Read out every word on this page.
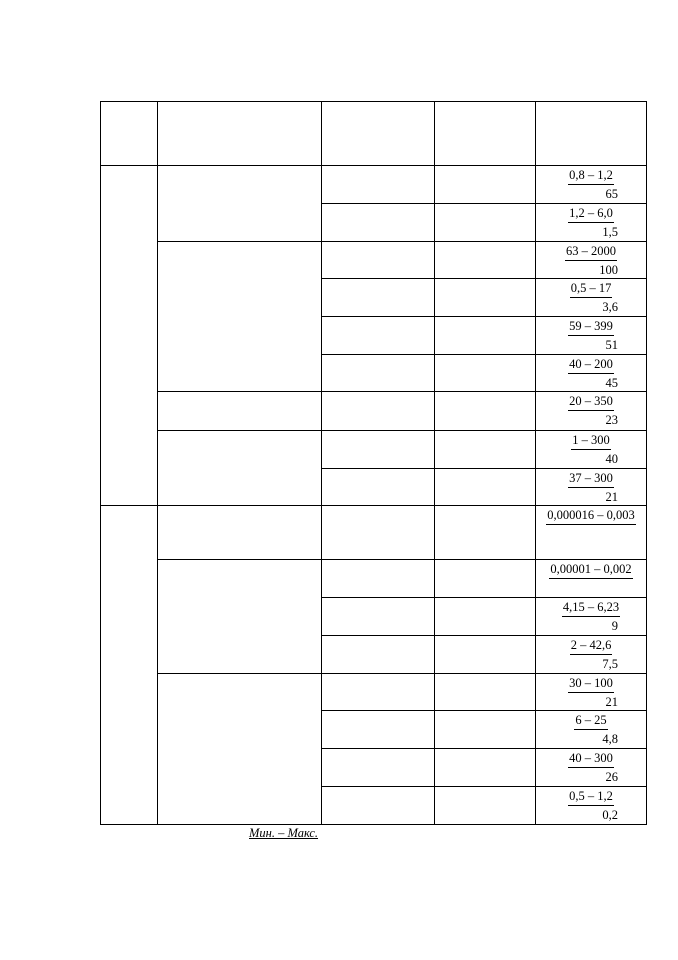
				0,8 – 1,2
65

				1,2 – 6,0
1,5

				63 – 2000
100

				0,5 – 17
3,6

				59 – 399
51

				40 – 200
45

				20 – 350
23

				1 – 300
40

				37 – 300
21

				0,000016 – 0,003

				0,00001 – 0,002

				4,15 – 6,23
9

				2 – 42,6
7,5

				30 – 100
21

				6 – 25
4,8

				40 – 300
26

				0,5 – 1,2
0,2
Мин. – Макс.
